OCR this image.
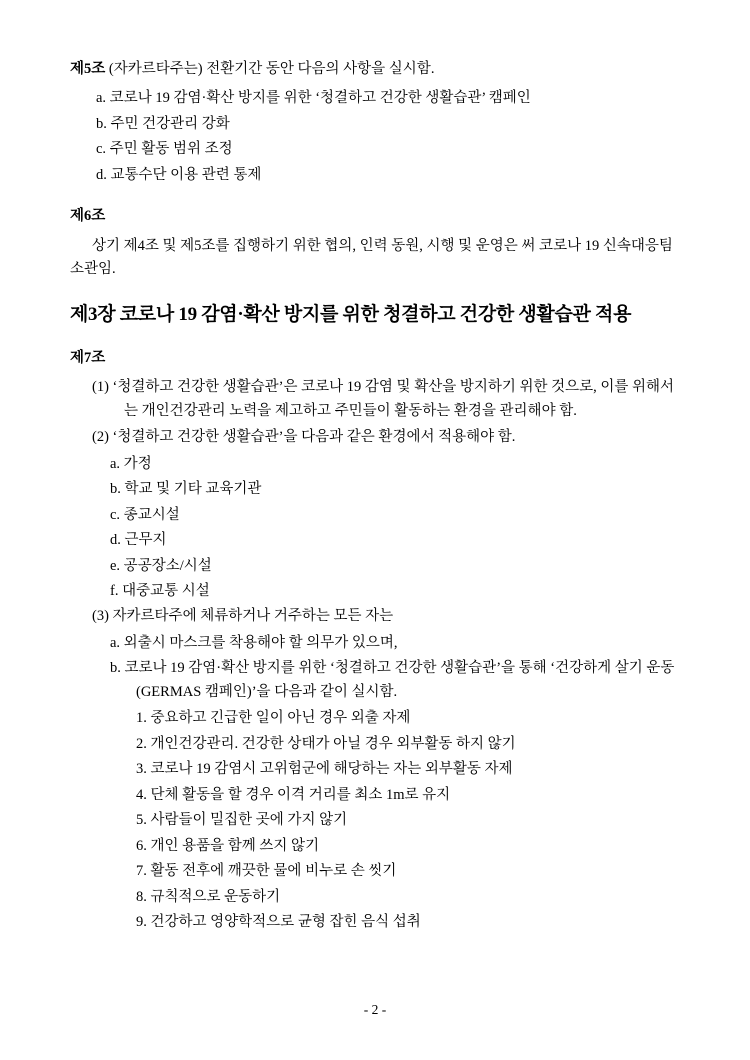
제5조 (자카르타주는) 전환기간 동안 다음의 사항을 실시함.
a. 코로나 19 감염·확산 방지를 위한 ‘청결하고 건강한 생활습관’ 캠페인
b. 주민 건강관리 강화
c. 주민 활동 범위 조정
d. 교통수단 이용 관련 통제
제6조
상기 제4조 및 제5조를 집행하기 위한 협의, 인력 동원, 시행 및 운영은 써 코로나 19 신속대응팀 소관임.
제3장 코로나 19 감염·확산 방지를 위한 청결하고 건강한 생활습관 적용
제7조
(1) ‘청결하고 건강한 생활습관’은 코로나 19 감염 및 확산을 방지하기 위한 것으로, 이를 위해서는 개인건강관리 노력을 제고하고 주민들이 활동하는 환경을 관리해야 함.
(2) ‘청결하고 건강한 생활습관’을 다음과 같은 환경에서 적용해야 함.
a. 가정
b. 학교 및 기타 교육기관
c. 종교시설
d. 근무지
e. 공공장소/시설
f. 대중교통 시설
(3) 자카르타주에 체류하거나 거주하는 모든 자는
a. 외출시 마스크를 착용해야 할 의무가 있으며,
b. 코로나 19 감염·확산 방지를 위한 ‘청결하고 건강한 생활습관’을 통해 ‘건강하게 살기 운동(GERMAS 캠페인)’을 다음과 같이 실시함.
1. 중요하고 긴급한 일이 아닌 경우 외출 자제
2. 개인건강관리. 건강한 상태가 아닐 경우 외부활동 하지 않기
3. 코로나 19 감염시 고위험군에 해당하는 자는 외부활동 자제
4. 단체 활동을 할 경우 이격 거리를 최소 1m로 유지
5. 사람들이 밀집한 곳에 가지 않기
6. 개인 용품을 함께 쓰지 않기
7. 활동 전후에 깨끗한 물에 비누로 손 씻기
8. 규칙적으로 운동하기
9. 건강하고 영양학적으로 균형 잡힌 음식 섭취
- 2 -
